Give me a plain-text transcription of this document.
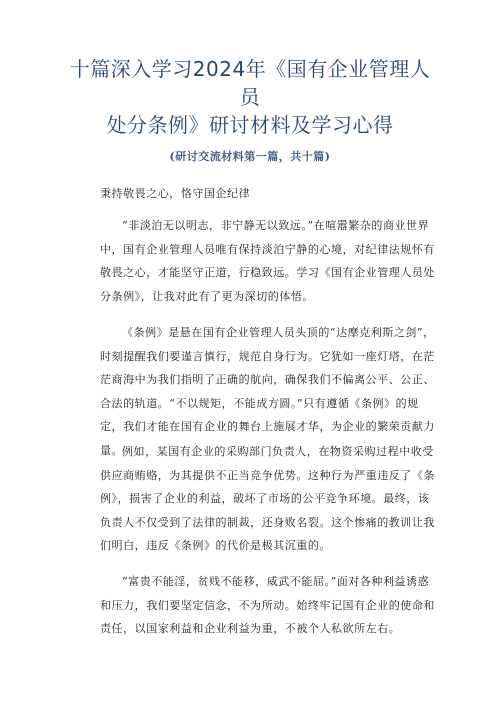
十篇深入学习2024年《国有企业管理人员
处分条例》研讨材料及学习心得
(研讨交流材料第一篇，共十篇)

秉持敬畏之心，恪守国企纪律

“非淡泊无以明志，非宁静无以致远。”在喧嚣繁杂的商业世界中，国有企业管理人员唯有保持淡泊宁静的心境，对纪律法规怀有敬畏之心，才能坚守正道，行稳致远。学习《国有企业管理人员处分条例》，让我对此有了更为深切的体悟。

《条例》是悬在国有企业管理人员头顶的“达摩克利斯之剑”，时刻提醒我们要谨言慎行，规范自身行为。它犹如一座灯塔，在茫茫商海中为我们指明了正确的航向，确保我们不偏离公平、公正、合法的轨道。“不以规矩，不能成方圆。”只有遵循《条例》的规定，我们才能在国有企业的舞台上施展才华，为企业的繁荣贡献力量。

例如，某国有企业的采购部门负责人，在物资采购过程中收受供应商贿赂，为其提供不正当竞争优势。这种行为严重违反了《条例》，损害了企业的利益，破坏了市场的公平竞争环境。最终，该负责人不仅受到了法律的制裁，还身败名裂。这个惨痛的教训让我们明白，违反《条例》的代价是极其沉重的。

“富贵不能淫，贫贱不能移，威武不能屈。”面对各种利益诱惑和压力，我们要坚定信念，不为所动。始终牢记国有企业的使命和责任，以国家利益和企业利益为重，不被个人私欲所左右。
